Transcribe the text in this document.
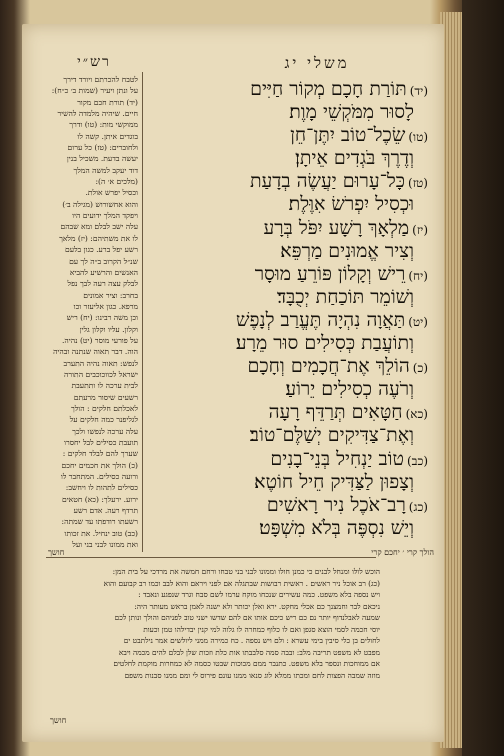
משלי יג
רש״י
(יד)תּוֹרַת חָכָם מְקוֹר חַיִּים
לָסוּר מִמֹּקְשֵׁי מָוֶת׃
(טו)שֵׂכֶל־טוֹב יִתֶּן־חֵן
וְדֶרֶךְ בֹּגְדִים אֵיתָן׃
(טז)כָּל־עָרוּם יַעֲשֶׂה בְדָעַת
וּכְסִיל יִפְרֹשׂ אִוֶּלֶת׃
(יז)מַלְאָךְ רָשָׁע יִפֹּל בְּרָע
וְצִיר אֱמוּנִים מַרְפֵּא׃
(יח)רֵישׁ וְקָלוֹן פּוֹרֵעַ מוּסָר
וְשׁוֹמֵר תּוֹכַחַת יְכֻבָּד׃
(יט)תַּאֲוָה נִהְיָה תֶּעֱרַב לְנָפֶשׁ
וְתוֹעֲבַת כְּסִילִים סוּר מֵרָע׃
(כ)הוֹלֵךְ אֶת־חֲכָמִים וְחָכָם
וְרֹעֶה כְסִילִים יֵרוֹעַ׃
(כא)חַטָּאִים תְּרַדֵּף רָעָה
וְאֶת־צַדִּיקִים יְשַׁלֶּם־טוֹב׃
(כב)טוֹב יַנְחִיל בְּנֵי־בָנִים
וְצָפוּן לַצַּדִּיק חֵיל חוֹטֶא׃
(כג)רָב־אֹכֶל נִיר רָאשִׁים
וְיֵשׁ נִסְפֶּה בְּלֹא מִשְׁפָּט׃
לטבח להכרתם ויורד דירך
על ונתן ויעיר (שמות ב׳ כ״ח):
(יד) תורת חכם מקור
חיים. שיהיה מלמדה להשיר
ממוקשי מות: (טו) ודרך
בוגדים איתן. קשה לו
ולחוברים: (טז) כל ערום
יעשה בדעת. משכיל בנין
דוד יעקב למשה המלך
(מלכים א׳ ה):
וכסיל יפרש אולת.
והוא אחשורוש (מגילה ב׳)
ויפקד המלך ידועים היו
עלה ישב לבלם ומא שבהם
לו את משתיהם: (יז) מלאך
רשע יפל ברע. כגון בלעם
שנ״ל הקרוב ב״ה לך עם
האנשים והרשיע להביא
לבלק עצה רעה לבך נפל
בחרב: וציר אמונים
מרפא. כגון אליעזר וכו
וכן משה רבינו: (יח) ריש
וקלון. עליו וקלון גלין
על פורעי מוסר (יט) נהיה.
הוה. דבר תאוה שנתנה ובהיה
לנפש: תאוה נהיה התערב
ישראל לכווכוכבים התורה
לבית ערכה לו ותתעבת
רשעים שיסור מרעתם
לאכלתם חלקים : הולך
לגליפנר כמה חלקים על
עלה ערכה לנפשו ולכך
תועבת כסילים לבל יחסרו
שערך להם לבלד חלקים :
(כ) הולך את חכמים יחכם
ורועה כסילים. המתחבר לו
כסילים לתהות לו ויחשב:
ירוע. ירעלך: (כא) חטאים
תרדף רעה. אדם רשע
רשעתו רודפתו עד שמתה:
(כב) טוב ינחיל. את זכותו
ואת ממונו לבני בני ועל
הולך קרי ׳ יחכם קרי
חושך
הוכש לולו ומנחל לבנים כי כמנן חולו וממונו לבני בני טבחו ורחם חמשה את מרדכי על בית המן:
(כג) רב אוכל ניר ראשים . ראשית רבושות שבתגלה אם לפני ויראם והוא לבב וכמו רב קבועם והוא
ויש נספה בלא משפט. כמה עשירים שנכחו מוקח ערמו לשם סבח וגרד שנפגע ונאבד :
ניכאם לבר וחמצנך כם אכלי מחקט. ירא ואלן יכותר ולא ישנה לאמן בראש מעותר היה:
שמעה לאבלנדוף יותר נם כם ריש כיכם אותו אם להם שדשו ישני טוב לפניהם והולך ונותן לכם
יוסי חכמה לסמי הוצא סגפן ואם לו כלוף כמחרה לו גלוה למי קנין יבדילהו טמן וכעות
לחולים בן כלי סיבין בימי עשרא : ולם ויש נספה . כח כמירה ממני ליולשים אמר נילתבט ים
מפבט לא משפט תריבה מלב: ובבה סמה סלבבתו אות כלת וזכות שלן לבלם להים מכמה ויבא
אם ממוחכות ונספר בלא משפט. כתנבר ממם מכוכות שבטו כסמה לא כמחרות מוקמת לחלטים
מוזה שמבה הפצות לחם ומכתו ממלא לוג סנאו ממנו עונם פירוס לי ומם ממנו סבנות משפם
חושך
